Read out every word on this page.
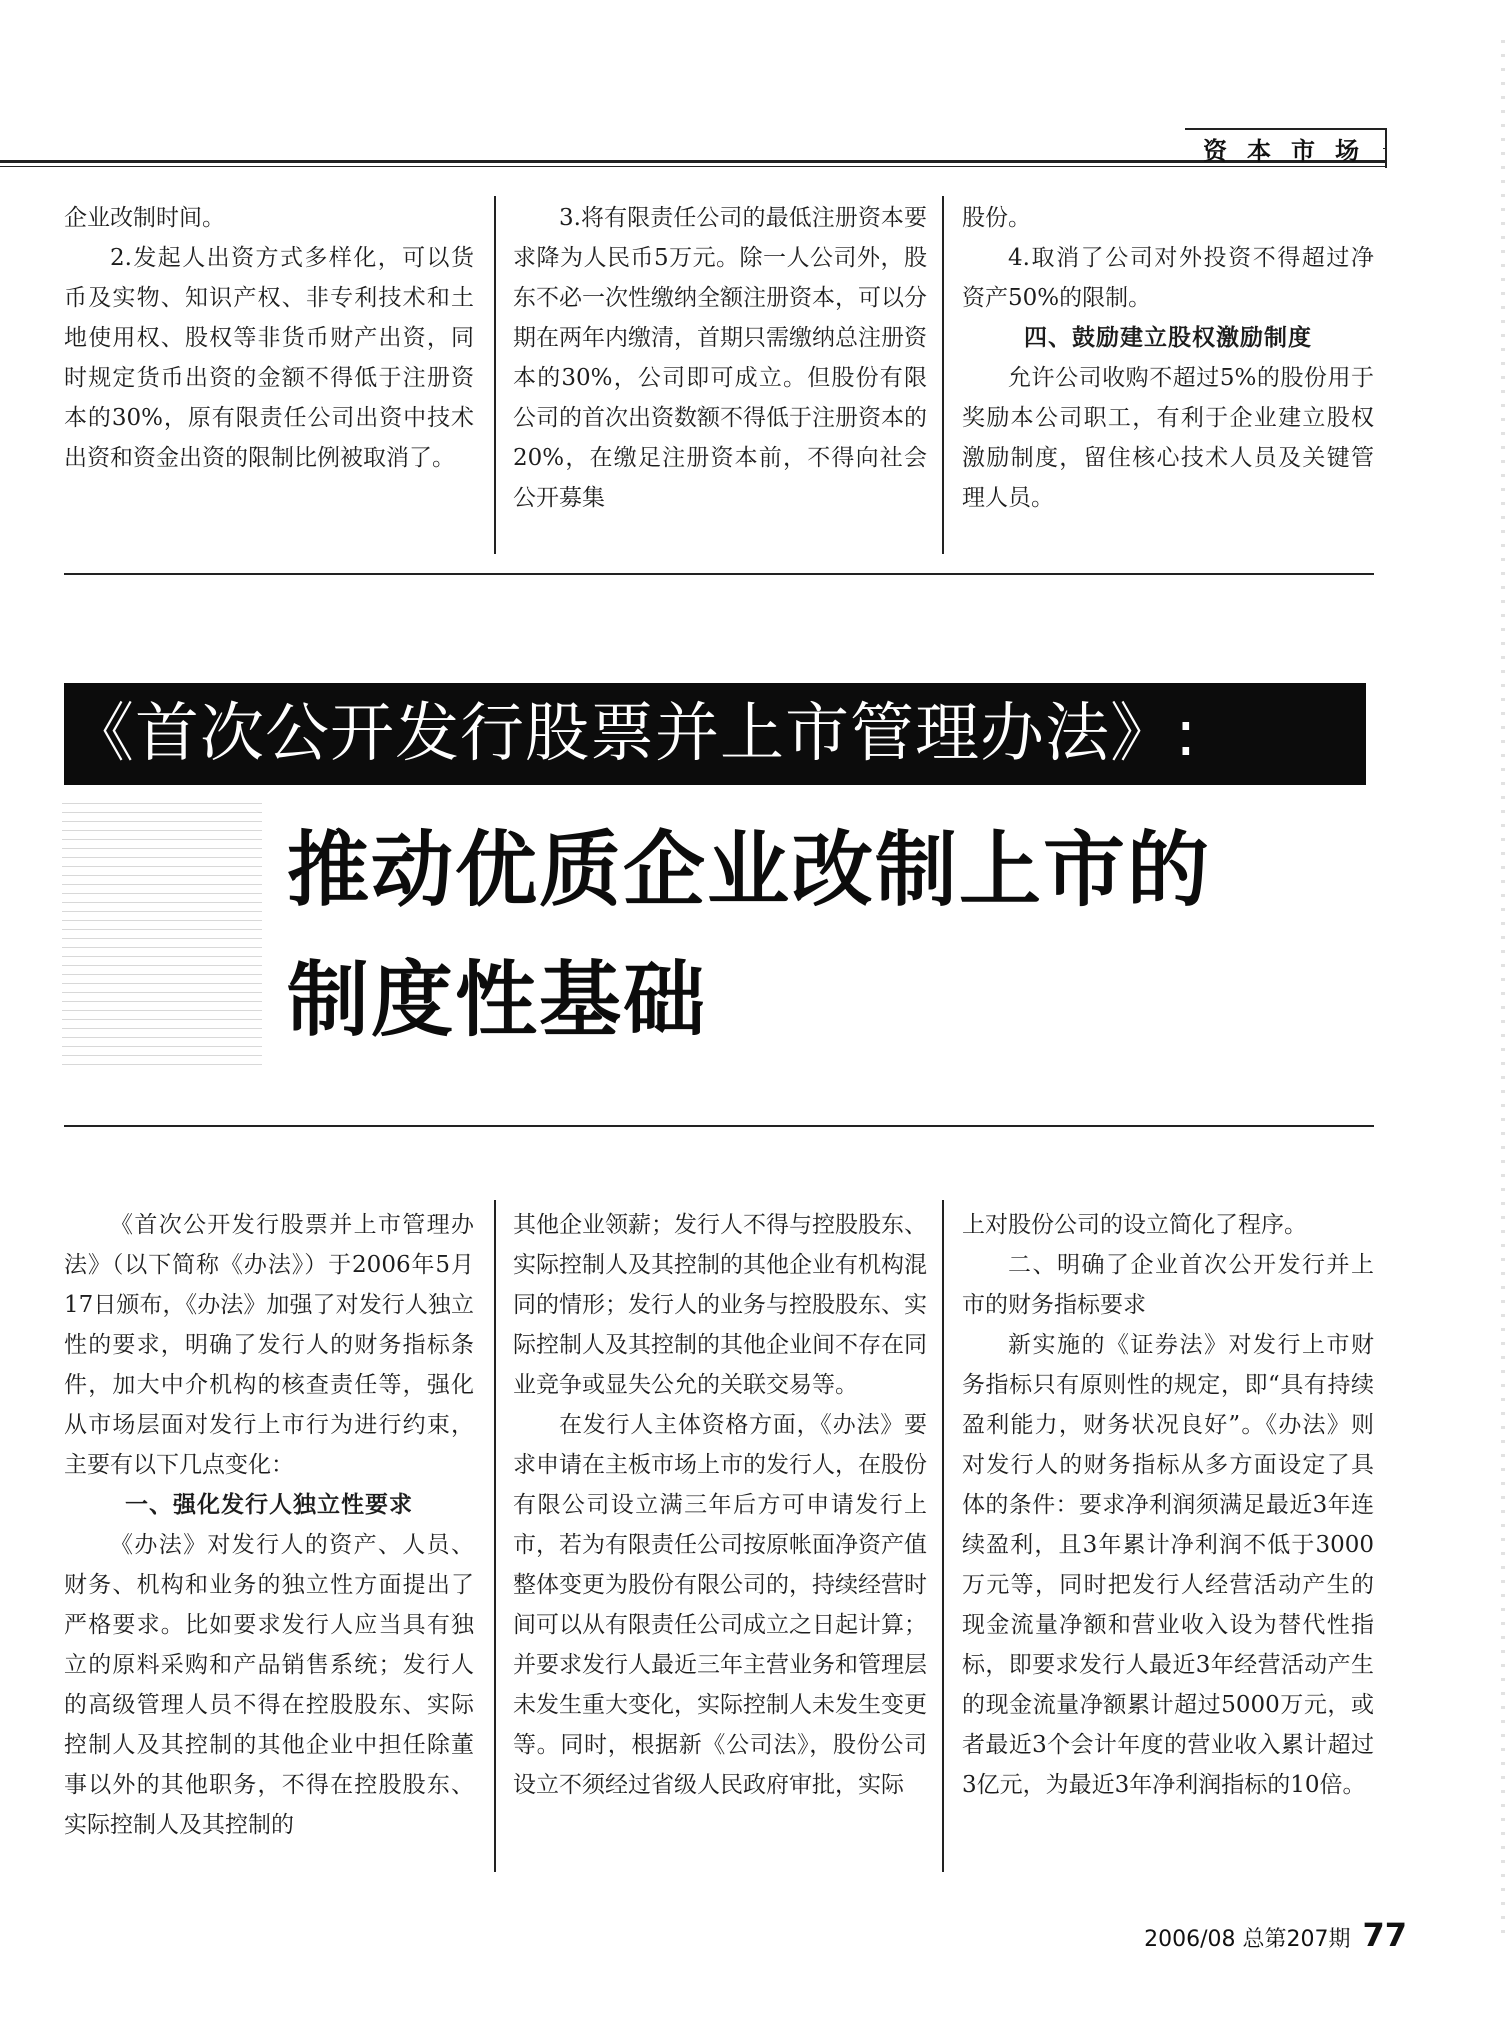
资本市场

企业改制时间。

2.发起人出资方式多样化，可以货币及实物、知识产权、非专利技术和土地使用权、股权等非货币财产出资，同时规定货币出资的金额不得低于注册资本的30%，原有限责任公司出资中技术出资和资金出资的限制比例被取消了。

3.将有限责任公司的最低注册资本要求降为人民币5万元。除一人公司外，股东不必一次性缴纳全额注册资本，可以分期在两年内缴清，首期只需缴纳总注册资本的30%，公司即可成立。但股份有限公司的首次出资数额不得低于注册资本的20%，在缴足注册资本前，不得向社会公开募集

股份。

4.取消了公司对外投资不得超过净资产50%的限制。

四、鼓励建立股权激励制度

允许公司收购不超过5%的股份用于奖励本公司职工，有利于企业建立股权激励制度，留住核心技术人员及关键管理人员。

《首次公开发行股票并上市管理办法》:
推动优质企业改制上市的
制度性基础

《首次公开发行股票并上市管理办法》（以下简称《办法》）于2006年5月17日颁布，《办法》加强了对发行人独立性的要求，明确了发行人的财务指标条件，加大中介机构的核查责任等，强化从市场层面对发行上市行为进行约束，主要有以下几点变化：

一、强化发行人独立性要求

《办法》对发行人的资产、人员、财务、机构和业务的独立性方面提出了严格要求。比如要求发行人应当具有独立的原料采购和产品销售系统；发行人的高级管理人员不得在控股股东、实际控制人及其控制的其他企业中担任除董事以外的其他职务，不得在控股股东、实际控制人及其控制的

其他企业领薪；发行人不得与控股股东、实际控制人及其控制的其他企业有机构混同的情形；发行人的业务与控股股东、实际控制人及其控制的其他企业间不存在同业竞争或显失公允的关联交易等。

在发行人主体资格方面，《办法》要求申请在主板市场上市的发行人，在股份有限公司设立满三年后方可申请发行上市，若为有限责任公司按原帐面净资产值整体变更为股份有限公司的，持续经营时间可以从有限责任公司成立之日起计算；并要求发行人最近三年主营业务和管理层未发生重大变化，实际控制人未发生变更等。同时，根据新《公司法》，股份公司设立不须经过省级人民政府审批，实际

上对股份公司的设立简化了程序。

二、明确了企业首次公开发行并上市的财务指标要求

新实施的《证券法》对发行上市财务指标只有原则性的规定，即“具有持续盈利能力，财务状况良好”。《办法》则对发行人的财务指标从多方面设定了具体的条件：要求净利润须满足最近3年连续盈利，且3年累计净利润不低于3000万元等，同时把发行人经营活动产生的现金流量净额和营业收入设为替代性指标，即要求发行人最近3年经营活动产生的现金流量净额累计超过5000万元，或者最近3个会计年度的营业收入累计超过3亿元，为最近3年净利润指标的10倍。

2006/08 总第207期 77
